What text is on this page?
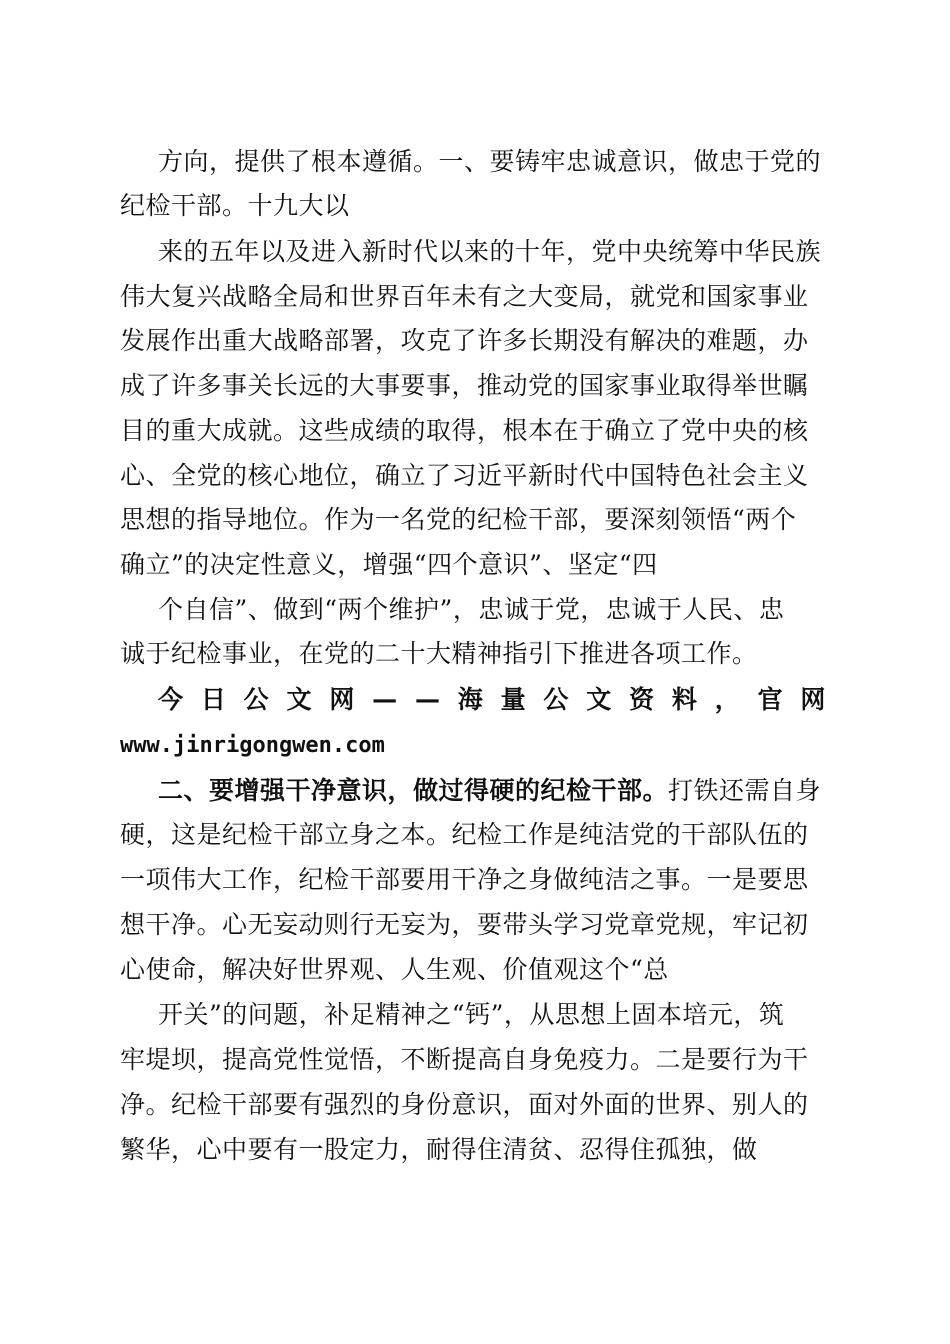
方向，提供了根本遵循。一、要铸牢忠诚意识，做忠于党的
纪检干部。十九大以
来的五年以及进入新时代以来的十年，党中央统筹中华民族
伟大复兴战略全局和世界百年未有之大变局，就党和国家事业
发展作出重大战略部署，攻克了许多长期没有解决的难题，办
成了许多事关长远的大事要事，推动党的国家事业取得举世瞩
目的重大成就。这些成绩的取得，根本在于确立了党中央的核
心、全党的核心地位，确立了习近平新时代中国特色社会主义
思想的指导地位。作为一名党的纪检干部，要深刻领悟“两个
确立”的决定性意义，增强“四个意识”、坚定“四
个自信”、做到“两个维护”，忠诚于党，忠诚于人民、忠
诚于纪检事业，在党的二十大精神指引下推进各项工作。
今 日 公 文 网 — — 海 量 公 文 资 料 ， 官 网
www.jinrigongwen.com
二、要增强干净意识，做过得硬的纪检干部。打铁还需自身
硬，这是纪检干部立身之本。纪检工作是纯洁党的干部队伍的
一项伟大工作，纪检干部要用干净之身做纯洁之事。一是要思
想干净。心无妄动则行无妄为，要带头学习党章党规，牢记初
心使命，解决好世界观、人生观、价值观这个“总
开关”的问题，补足精神之“钙”，从思想上固本培元，筑
牢堤坝，提高党性觉悟，不断提高自身免疫力。二是要行为干
净。纪检干部要有强烈的身份意识，面对外面的世界、别人的
繁华，心中要有一股定力，耐得住清贫、忍得住孤独，做
